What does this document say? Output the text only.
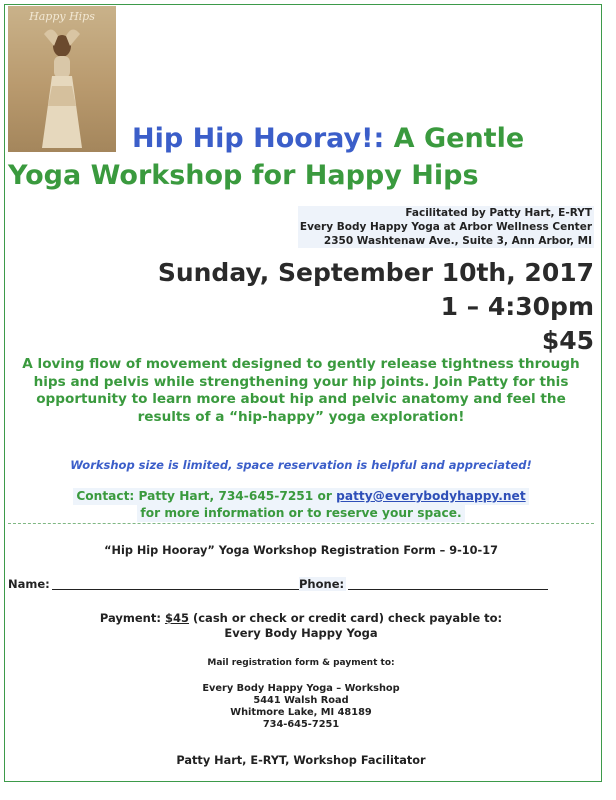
Happy Hips
Hip Hip Hooray!: A Gentle
Yoga Workshop for Happy Hips
Facilitated by Patty Hart, E-RYT
Every Body Happy Yoga at Arbor Wellness Center
2350 Washtenaw Ave., Suite 3, Ann Arbor, MI
Sunday, September 10th, 2017
1 – 4:30pm
$45
A loving flow of movement designed to gently release tightness through hips and pelvis while strengthening your hip joints. Join Patty for this opportunity to learn more about hip and pelvic anatomy and feel the results of a “hip-happy” yoga exploration!
Workshop size is limited, space reservation is helpful and appreciated!
Contact: Patty Hart, 734-645-7251 or patty@everybodyhappy.net
for more information or to reserve your space.
“Hip Hip Hooray” Yoga Workshop Registration Form – 9-10-17
Name:	Phone:
Payment: $45 (cash or check or credit card) check payable to:
Every Body Happy Yoga
Mail registration form & payment to:
Every Body Happy Yoga – Workshop
5441 Walsh Road
Whitmore Lake, MI 48189
734-645-7251
Patty Hart, E-RYT, Workshop Facilitator
